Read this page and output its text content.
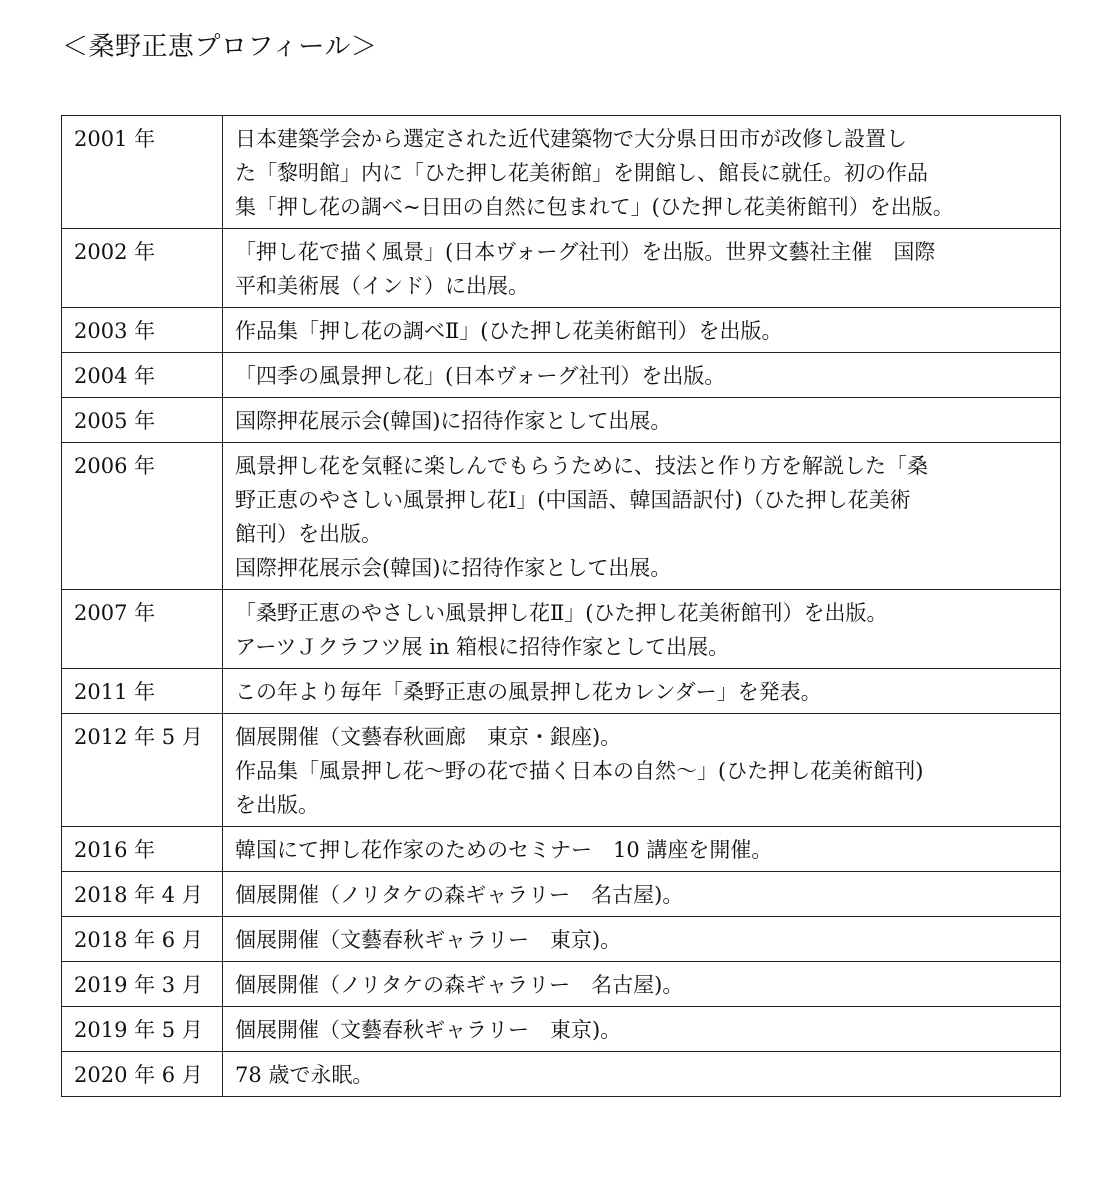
＜桑野正恵プロフィール＞
2001 年	日本建築学会から選定された近代建築物で大分県日田市が改修し設置し
た「黎明館」内に「ひた押し花美術館」を開館し、館長に就任。初の作品
集「押し花の調べ~日田の自然に包まれて」(ひた押し花美術館刊）を出版。

2002 年	「押し花で描く風景」(日本ヴォーグ社刊）を出版。世界文藝社主催　国際
平和美術展（インド）に出展。

2003 年	作品集「押し花の調べⅡ」(ひた押し花美術館刊）を出版。

2004 年	「四季の風景押し花」(日本ヴォーグ社刊）を出版。

2005 年	国際押花展示会(韓国)に招待作家として出展。

2006 年	風景押し花を気軽に楽しんでもらうために、技法と作り方を解説した「桑
野正恵のやさしい風景押し花Ⅰ」(中国語、韓国語訳付)（ひた押し花美術
館刊）を出版。
国際押花展示会(韓国)に招待作家として出展。

2007 年	「桑野正恵のやさしい風景押し花Ⅱ」(ひた押し花美術館刊）を出版。
アーツＪクラフツ展 in 箱根に招待作家として出展。

2011 年	この年より毎年「桑野正恵の風景押し花カレンダー」を発表。

2012 年 5 月	個展開催（文藝春秋画廊　東京・銀座)。
作品集「風景押し花～野の花で描く日本の自然～」(ひた押し花美術館刊)
を出版。

2016 年	韓国にて押し花作家のためのセミナー　10 講座を開催。

2018 年 4 月	個展開催（ノリタケの森ギャラリー　名古屋)。

2018 年 6 月	個展開催（文藝春秋ギャラリー　東京)。

2019 年 3 月	個展開催（ノリタケの森ギャラリー　名古屋)。

2019 年 5 月	個展開催（文藝春秋ギャラリー　東京)。

2020 年 6 月	78 歳で永眠。
